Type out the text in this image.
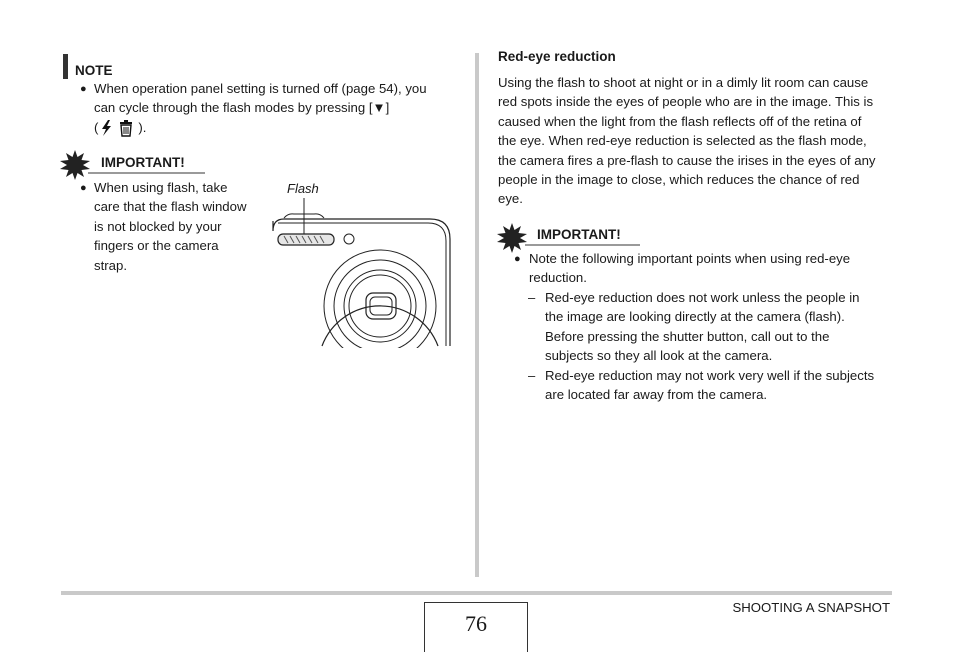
NOTE
● When operation panel setting is turned off (page 54), you
can cycle through the flash modes by pressing [▼]
(	).
IMPORTANT!
● When using flash, take
care that the flash window
is not blocked by your
fingers or the camera
strap.
Flash
Red-eye reduction
Using the flash to shoot at night or in a dimly lit room can cause
red spots inside the eyes of people who are in the image. This is
caused when the light from the flash reflects off of the retina of
the eye. When red-eye reduction is selected as the flash mode,
the camera fires a pre-flash to cause the irises in the eyes of any
people in the image to close, which reduces the chance of red
eye.
IMPORTANT!
● Note the following important points when using red-eye
reduction.
– Red-eye reduction does not work unless the people in
the image are looking directly at the camera (flash).
Before pressing the shutter button, call out to the
subjects so they all look at the camera.
– Red-eye reduction may not work very well if the subjects
are located far away from the camera.
76
SHOOTING A SNAPSHOT
